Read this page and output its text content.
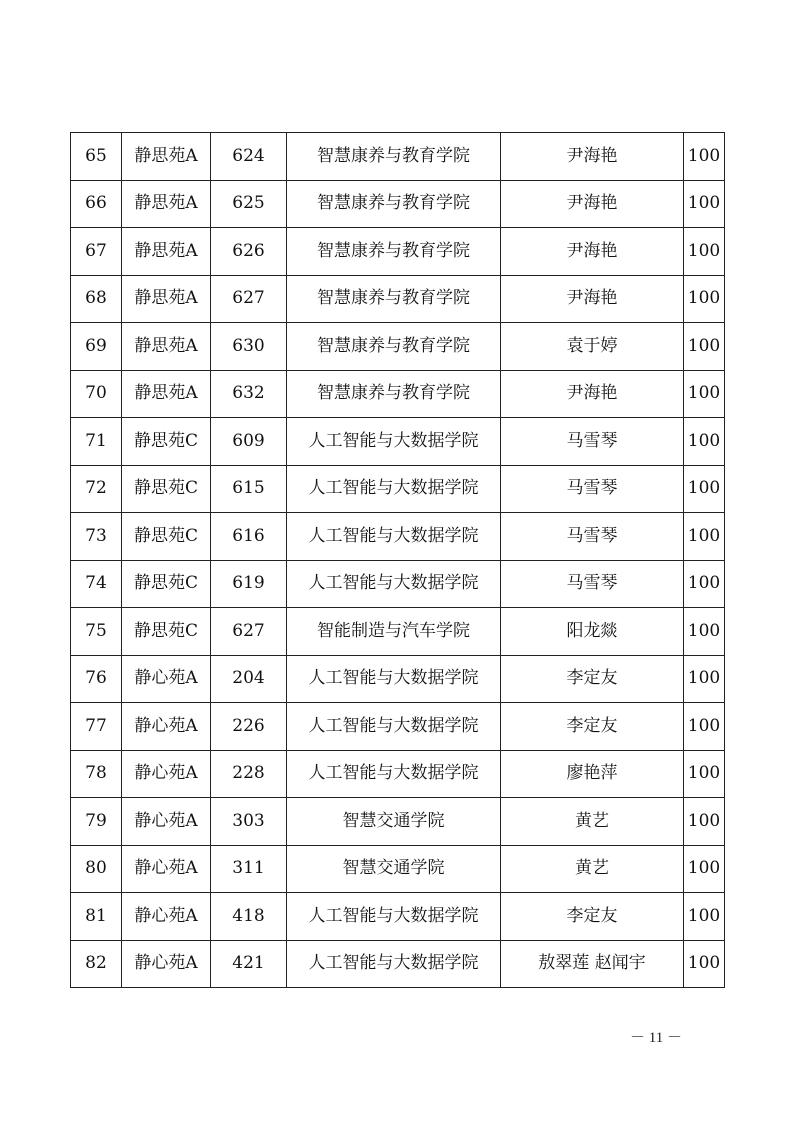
65	静思苑A	624	智慧康养与教育学院	尹海艳	100
66	静思苑A	625	智慧康养与教育学院	尹海艳	100
67	静思苑A	626	智慧康养与教育学院	尹海艳	100
68	静思苑A	627	智慧康养与教育学院	尹海艳	100
69	静思苑A	630	智慧康养与教育学院	袁于婷	100
70	静思苑A	632	智慧康养与教育学院	尹海艳	100
71	静思苑C	609	人工智能与大数据学院	马雪琴	100
72	静思苑C	615	人工智能与大数据学院	马雪琴	100
73	静思苑C	616	人工智能与大数据学院	马雪琴	100
74	静思苑C	619	人工智能与大数据学院	马雪琴	100
75	静思苑C	627	智能制造与汽车学院	阳龙燚	100
76	静心苑A	204	人工智能与大数据学院	李定友	100
77	静心苑A	226	人工智能与大数据学院	李定友	100
78	静心苑A	228	人工智能与大数据学院	廖艳萍	100
79	静心苑A	303	智慧交通学院	黄艺	100
80	静心苑A	311	智慧交通学院	黄艺	100
81	静心苑A	418	人工智能与大数据学院	李定友	100
82	静心苑A	421	人工智能与大数据学院	敖翠莲 赵闻宇	100
－ 11 －
